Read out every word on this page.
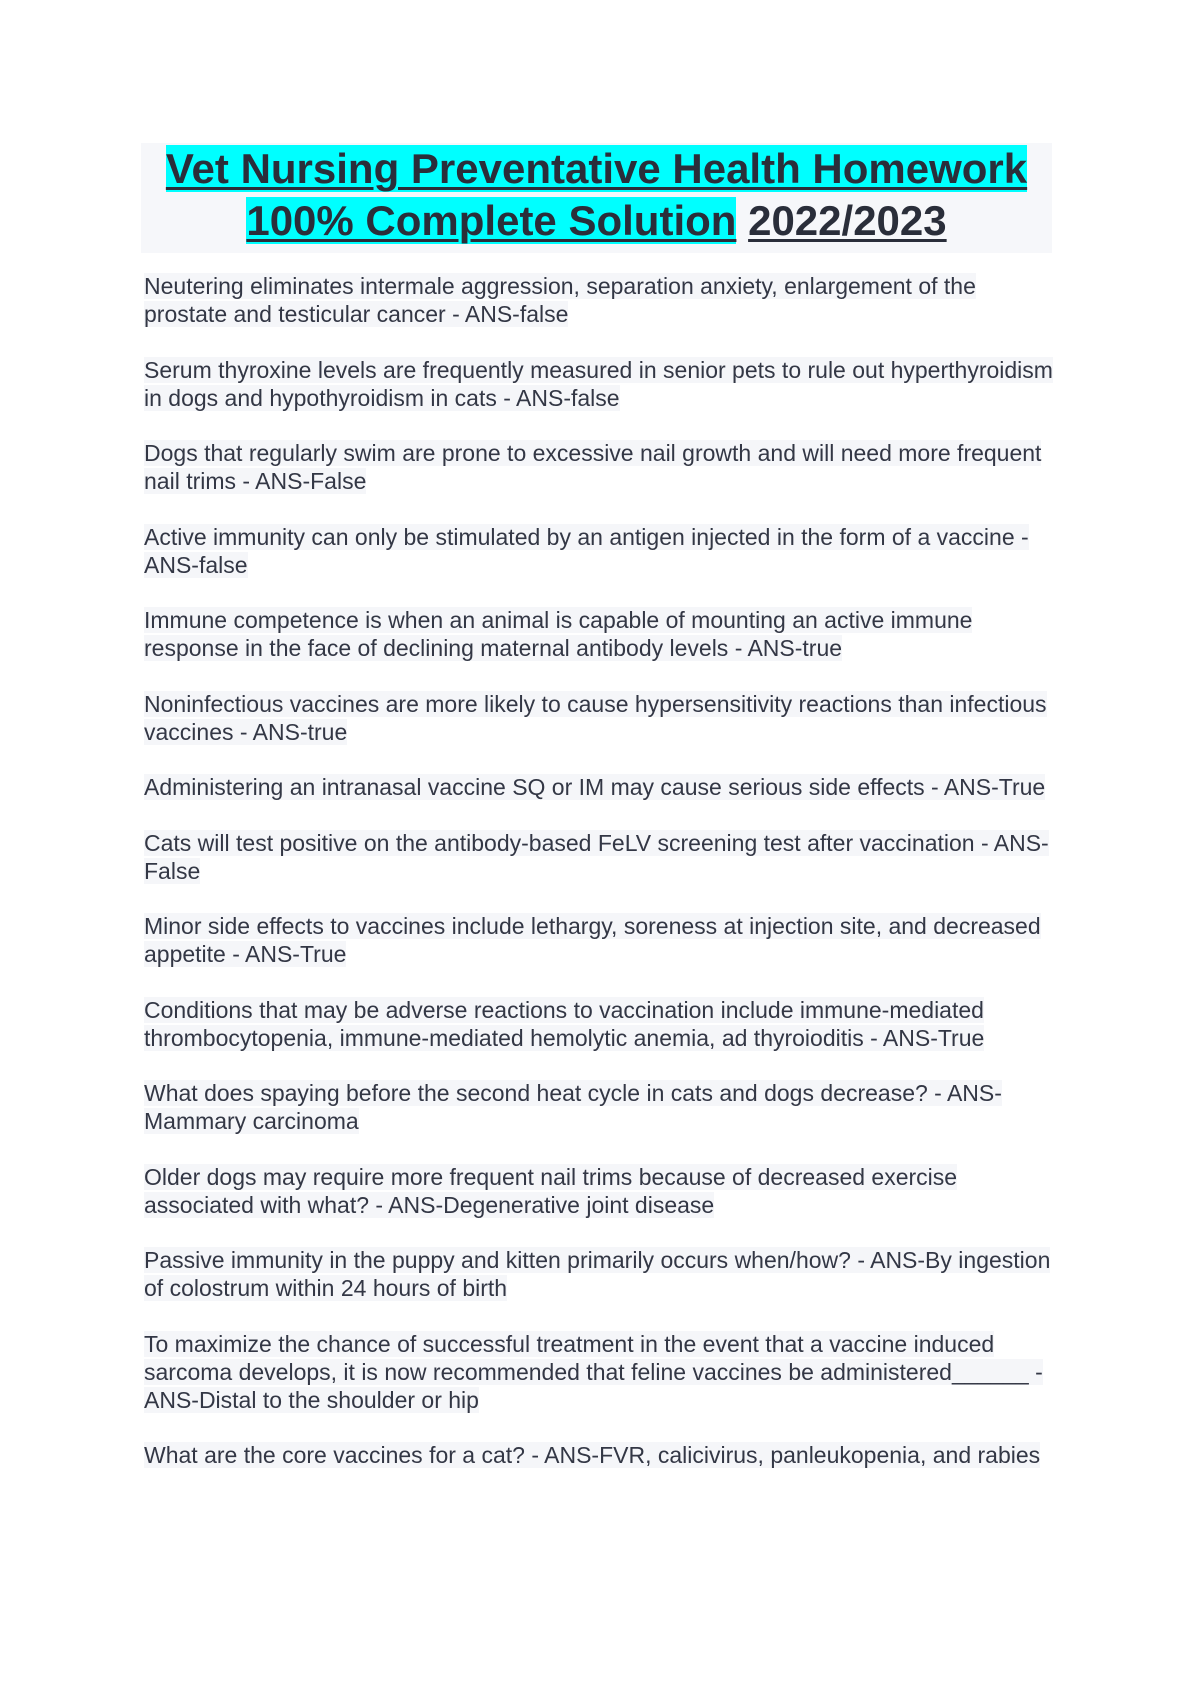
Vet Nursing Preventative Health Homework
100% Complete Solution 2022/2023

Neutering eliminates intermale aggression, separation anxiety, enlargement of the prostate and testicular cancer - ANS-false

Serum thyroxine levels are frequently measured in senior pets to rule out hyperthyroidism in dogs and hypothyroidism in cats - ANS-false

Dogs that regularly swim are prone to excessive nail growth and will need more frequent nail trims - ANS-False

Active immunity can only be stimulated by an antigen injected in the form of a vaccine - ANS-false

Immune competence is when an animal is capable of mounting an active immune response in the face of declining maternal antibody levels - ANS-true

Noninfectious vaccines are more likely to cause hypersensitivity reactions than infectious vaccines - ANS-true

Administering an intranasal vaccine SQ or IM may cause serious side effects - ANS-True

Cats will test positive on the antibody-based FeLV screening test after vaccination - ANS-False

Minor side effects to vaccines include lethargy, soreness at injection site, and decreased appetite - ANS-True

Conditions that may be adverse reactions to vaccination include immune-mediated thrombocytopenia, immune-mediated hemolytic anemia, ad thyroioditis - ANS-True

What does spaying before the second heat cycle in cats and dogs decrease? - ANS-Mammary carcinoma

Older dogs may require more frequent nail trims because of decreased exercise associated with what? - ANS-Degenerative joint disease

Passive immunity in the puppy and kitten primarily occurs when/how? - ANS-By ingestion of colostrum within 24 hours of birth

To maximize the chance of successful treatment in the event that a vaccine induced sarcoma develops, it is now recommended that feline vaccines be administered______ - ANS-Distal to the shoulder or hip

What are the core vaccines for a cat? - ANS-FVR, calicivirus, panleukopenia, and rabies
